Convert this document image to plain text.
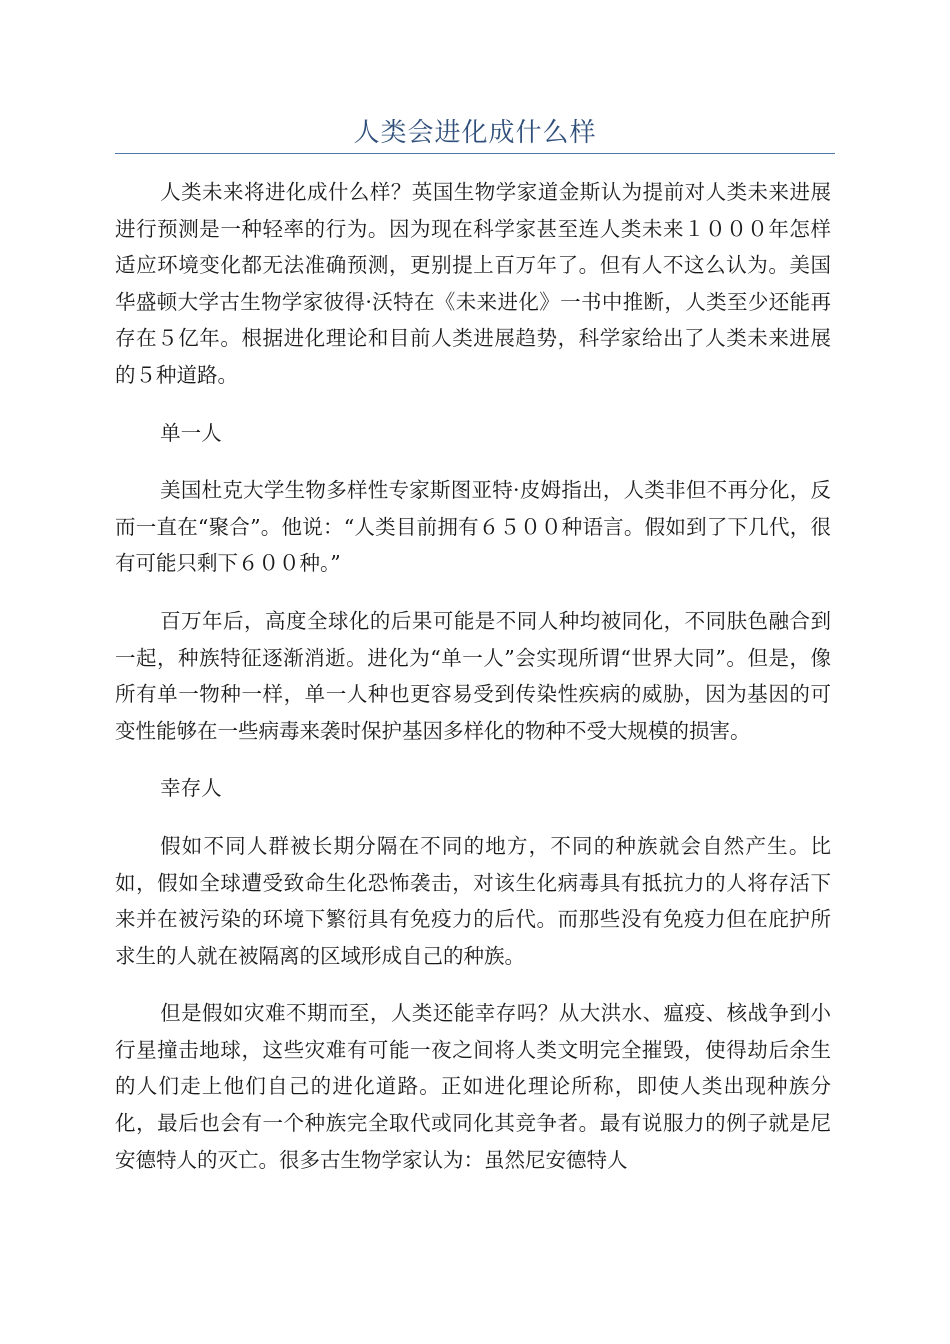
人类会进化成什么样

人类未来将进化成什么样？英国生物学家道金斯认为提前对人类未来进展进行预测是一种轻率的行为。因为现在科学家甚至连人类未来１０００年怎样适应环境变化都无法准确预测，更别提上百万年了。但有人不这么认为。美国华盛顿大学古生物学家彼得·沃特在《未来进化》一书中推断，人类至少还能再存在５亿年。根据进化理论和目前人类进展趋势，科学家给出了人类未来进展的５种道路。

单一人

美国杜克大学生物多样性专家斯图亚特·皮姆指出，人类非但不再分化，反而一直在“聚合”。他说：“人类目前拥有６５００种语言。假如到了下几代，很有可能只剩下６００种。”

百万年后，高度全球化的后果可能是不同人种均被同化，不同肤色融合到一起，种族特征逐渐消逝。进化为“单一人”会实现所谓“世界大同”。但是，像所有单一物种一样，单一人种也更容易受到传染性疾病的威胁，因为基因的可变性能够在一些病毒来袭时保护基因多样化的物种不受大规模的损害。

幸存人

假如不同人群被长期分隔在不同的地方，不同的种族就会自然产生。比如，假如全球遭受致命生化恐怖袭击，对该生化病毒具有抵抗力的人将存活下来并在被污染的环境下繁衍具有免疫力的后代。而那些没有免疫力但在庇护所求生的人就在被隔离的区域形成自己的种族。

但是假如灾难不期而至，人类还能幸存吗？从大洪水、瘟疫、核战争到小行星撞击地球，这些灾难有可能一夜之间将人类文明完全摧毁，使得劫后余生的人们走上他们自己的进化道路。正如进化理论所称，即使人类出现种族分化，最后也会有一个种族完全取代或同化其竞争者。最有说服力的例子就是尼安德特人的灭亡。很多古生物学家认为：虽然尼安德特人
